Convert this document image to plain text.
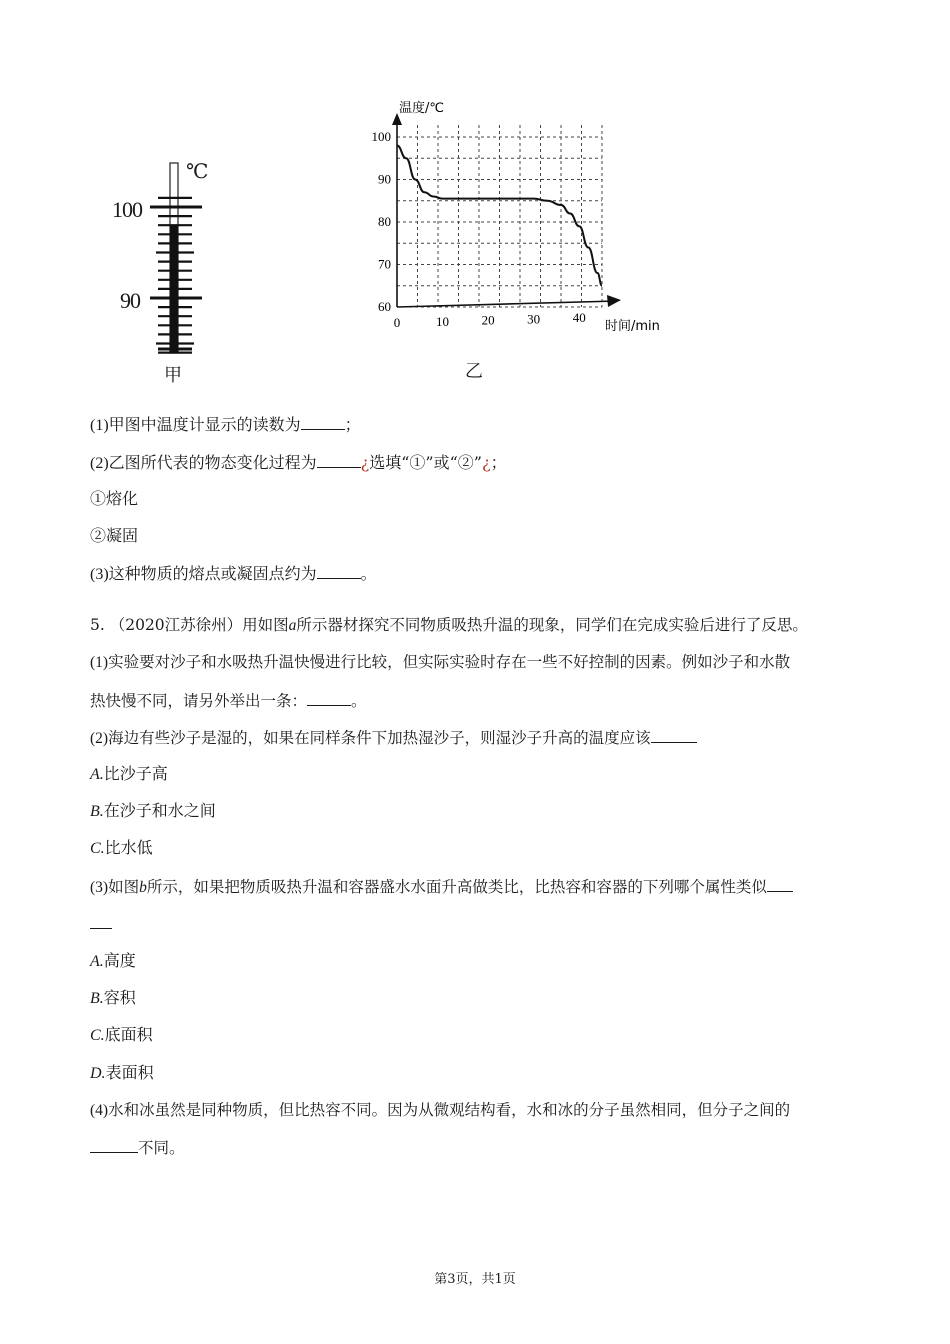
℃
100
90
甲
60
70
80
90
100
0	10	20	30	40
温度/℃
时间/min
乙
(1)甲图中温度计显示的读数为	；
(2)乙图所代表的物态变化过程为	¿选填“①”或“②”¿；
①熔化
②凝固
(3)这种物质的熔点或凝固点约为	。
5. （2020江苏徐州）用如图a所示器材探究不同物质吸热升温的现象，同学们在完成实验后进行了反思。
(1)实验要对沙子和水吸热升温快慢进行比较，但实际实验时存在一些不好控制的因素。例如沙子和水散
热快慢不同，请另外举出一条：	。
(2)海边有些沙子是湿的，如果在同样条件下加热湿沙子，则湿沙子升高的温度应该
A.比沙子高
B.在沙子和水之间
C.比水低
(3)如图b所示，如果把物质吸热升温和容器盛水水面升高做类比，比热容和容器的下列哪个属性类似
A.高度
B.容积
C.底面积
D.表面积
(4)水和冰虽然是同种物质，但比热容不同。因为从微观结构看，水和冰的分子虽然相同，但分子之间的
不同。
第3页，共1页
